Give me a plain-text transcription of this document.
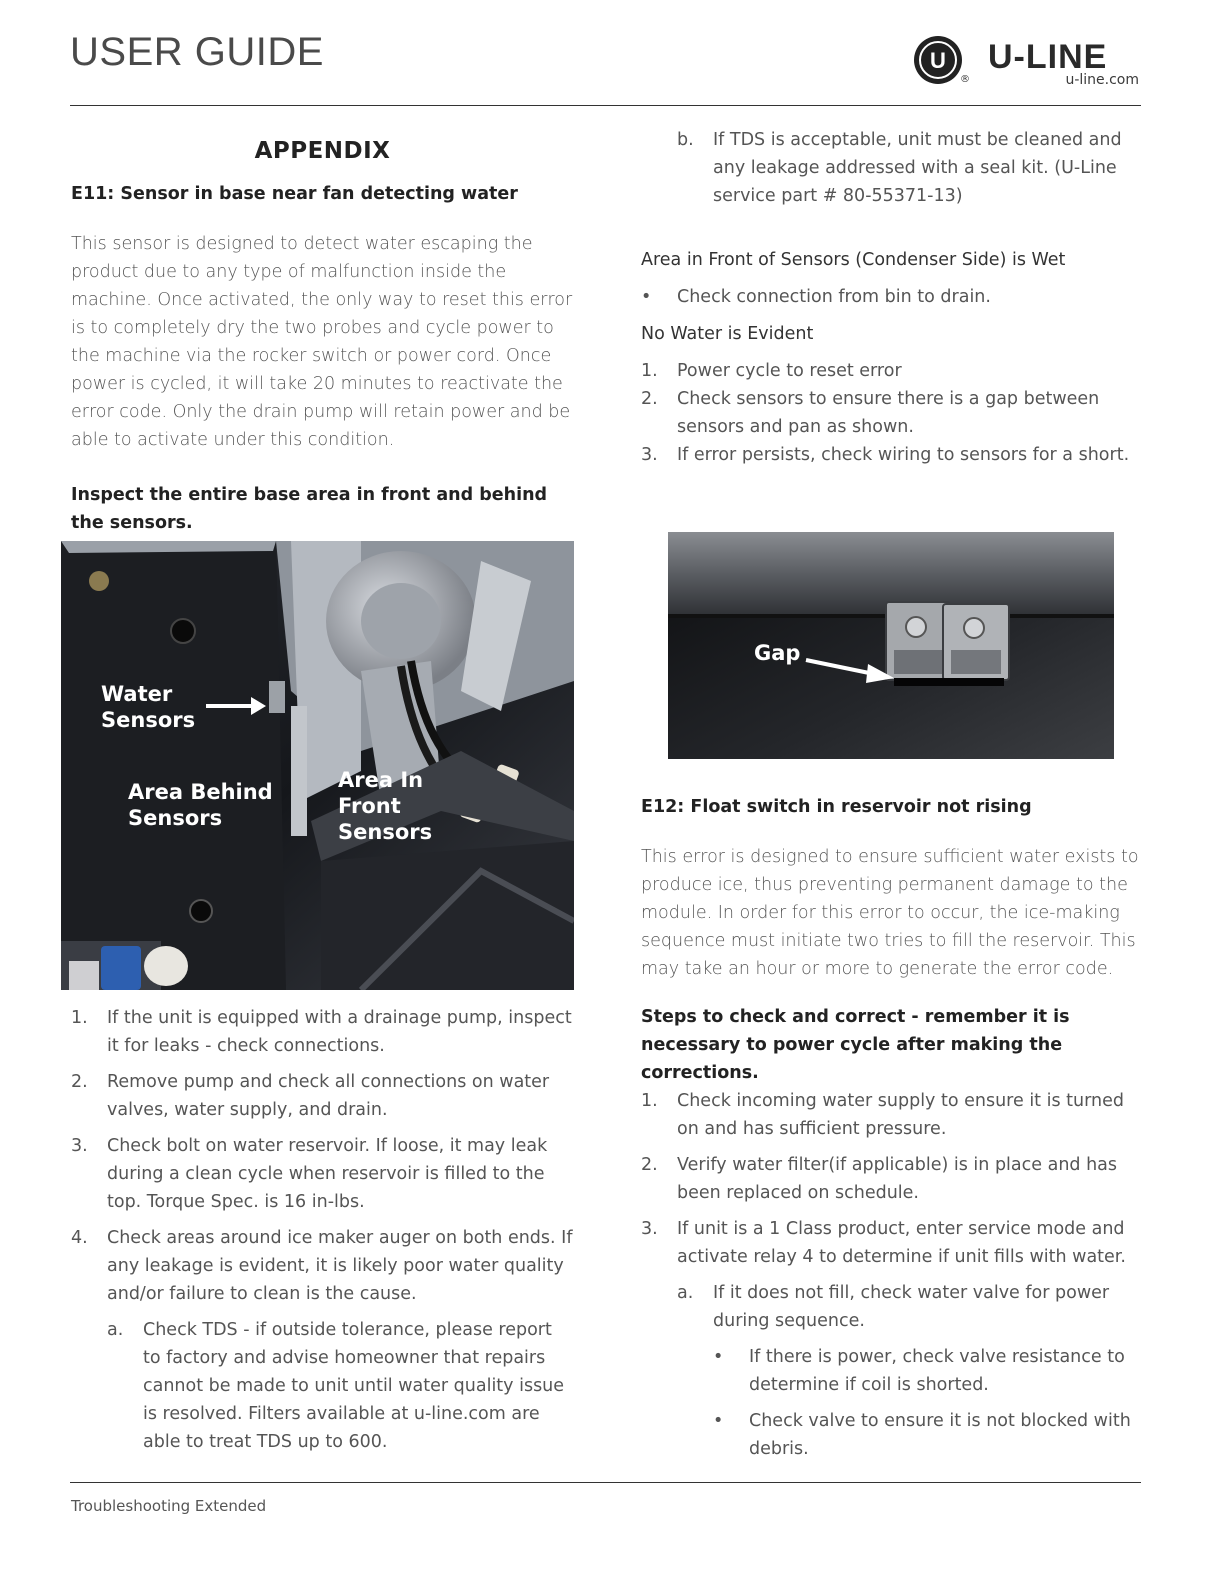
USER GUIDE	U
®
U-LINE
u-line.com
APPENDIX

E11: Sensor in base near fan detecting water

This sensor is designed to detect water escaping the product due to any type of malfunction inside the machine. Once activated, the only way to reset this error is to completely dry the two probes and cycle power to the machine via the rocker switch or power cord. Once power is cycled, it will take 20 minutes to reactivate the error code. Only the drain pump will retain power and be able to activate under this condition.

Inspect the entire base area in front and behind the sensors.

Water Sensors
Area Behind Sensors
Area In Front Sensors
1. If the unit is equipped with a drainage pump, inspect it for leaks - check connections.
2. Remove pump and check all connections on water valves, water supply, and drain.
3. Check bolt on water reservoir. If loose, it may leak during a clean cycle when reservoir is filled to the top. Torque Spec. is 16 in-lbs.
4. Check areas around ice maker auger on both ends. If any leakage is evident, it is likely poor water quality and/or failure to clean is the cause.
a. Check TDS - if outside tolerance, please report to factory and advise homeowner that repairs cannot be made to unit until water quality issue is resolved. Filters available at u-line.com are able to treat TDS up to 600.
b. If TDS is acceptable, unit must be cleaned and any leakage addressed with a seal kit. (U-Line service part # 80-55371-13)

Area in Front of Sensors (Condenser Side) is Wet

• Check connection from bin to drain.

No Water is Evident

1. Power cycle to reset error
2. Check sensors to ensure there is a gap between sensors and pan as shown.
3. If error persists, check wiring to sensors for a short.
Gap

E12: Float switch in reservoir not rising

This error is designed to ensure sufficient water exists to produce ice, thus preventing permanent damage to the module. In order for this error to occur, the ice-making sequence must initiate two tries to fill the reservoir. This may take an hour or more to generate the error code.

Steps to check and correct - remember it is necessary to power cycle after making the corrections.

1. Check incoming water supply to ensure it is turned on and has sufficient pressure.
2. Verify water filter(if applicable) is in place and has been replaced on schedule.
3. If unit is a 1 Class product, enter service mode and activate relay 4 to determine if unit fills with water.
a. If it does not fill, check water valve for power during sequence.
• If there is power, check valve resistance to determine if coil is shorted.
• Check valve to ensure it is not blocked with debris.
Troubleshooting Extended
